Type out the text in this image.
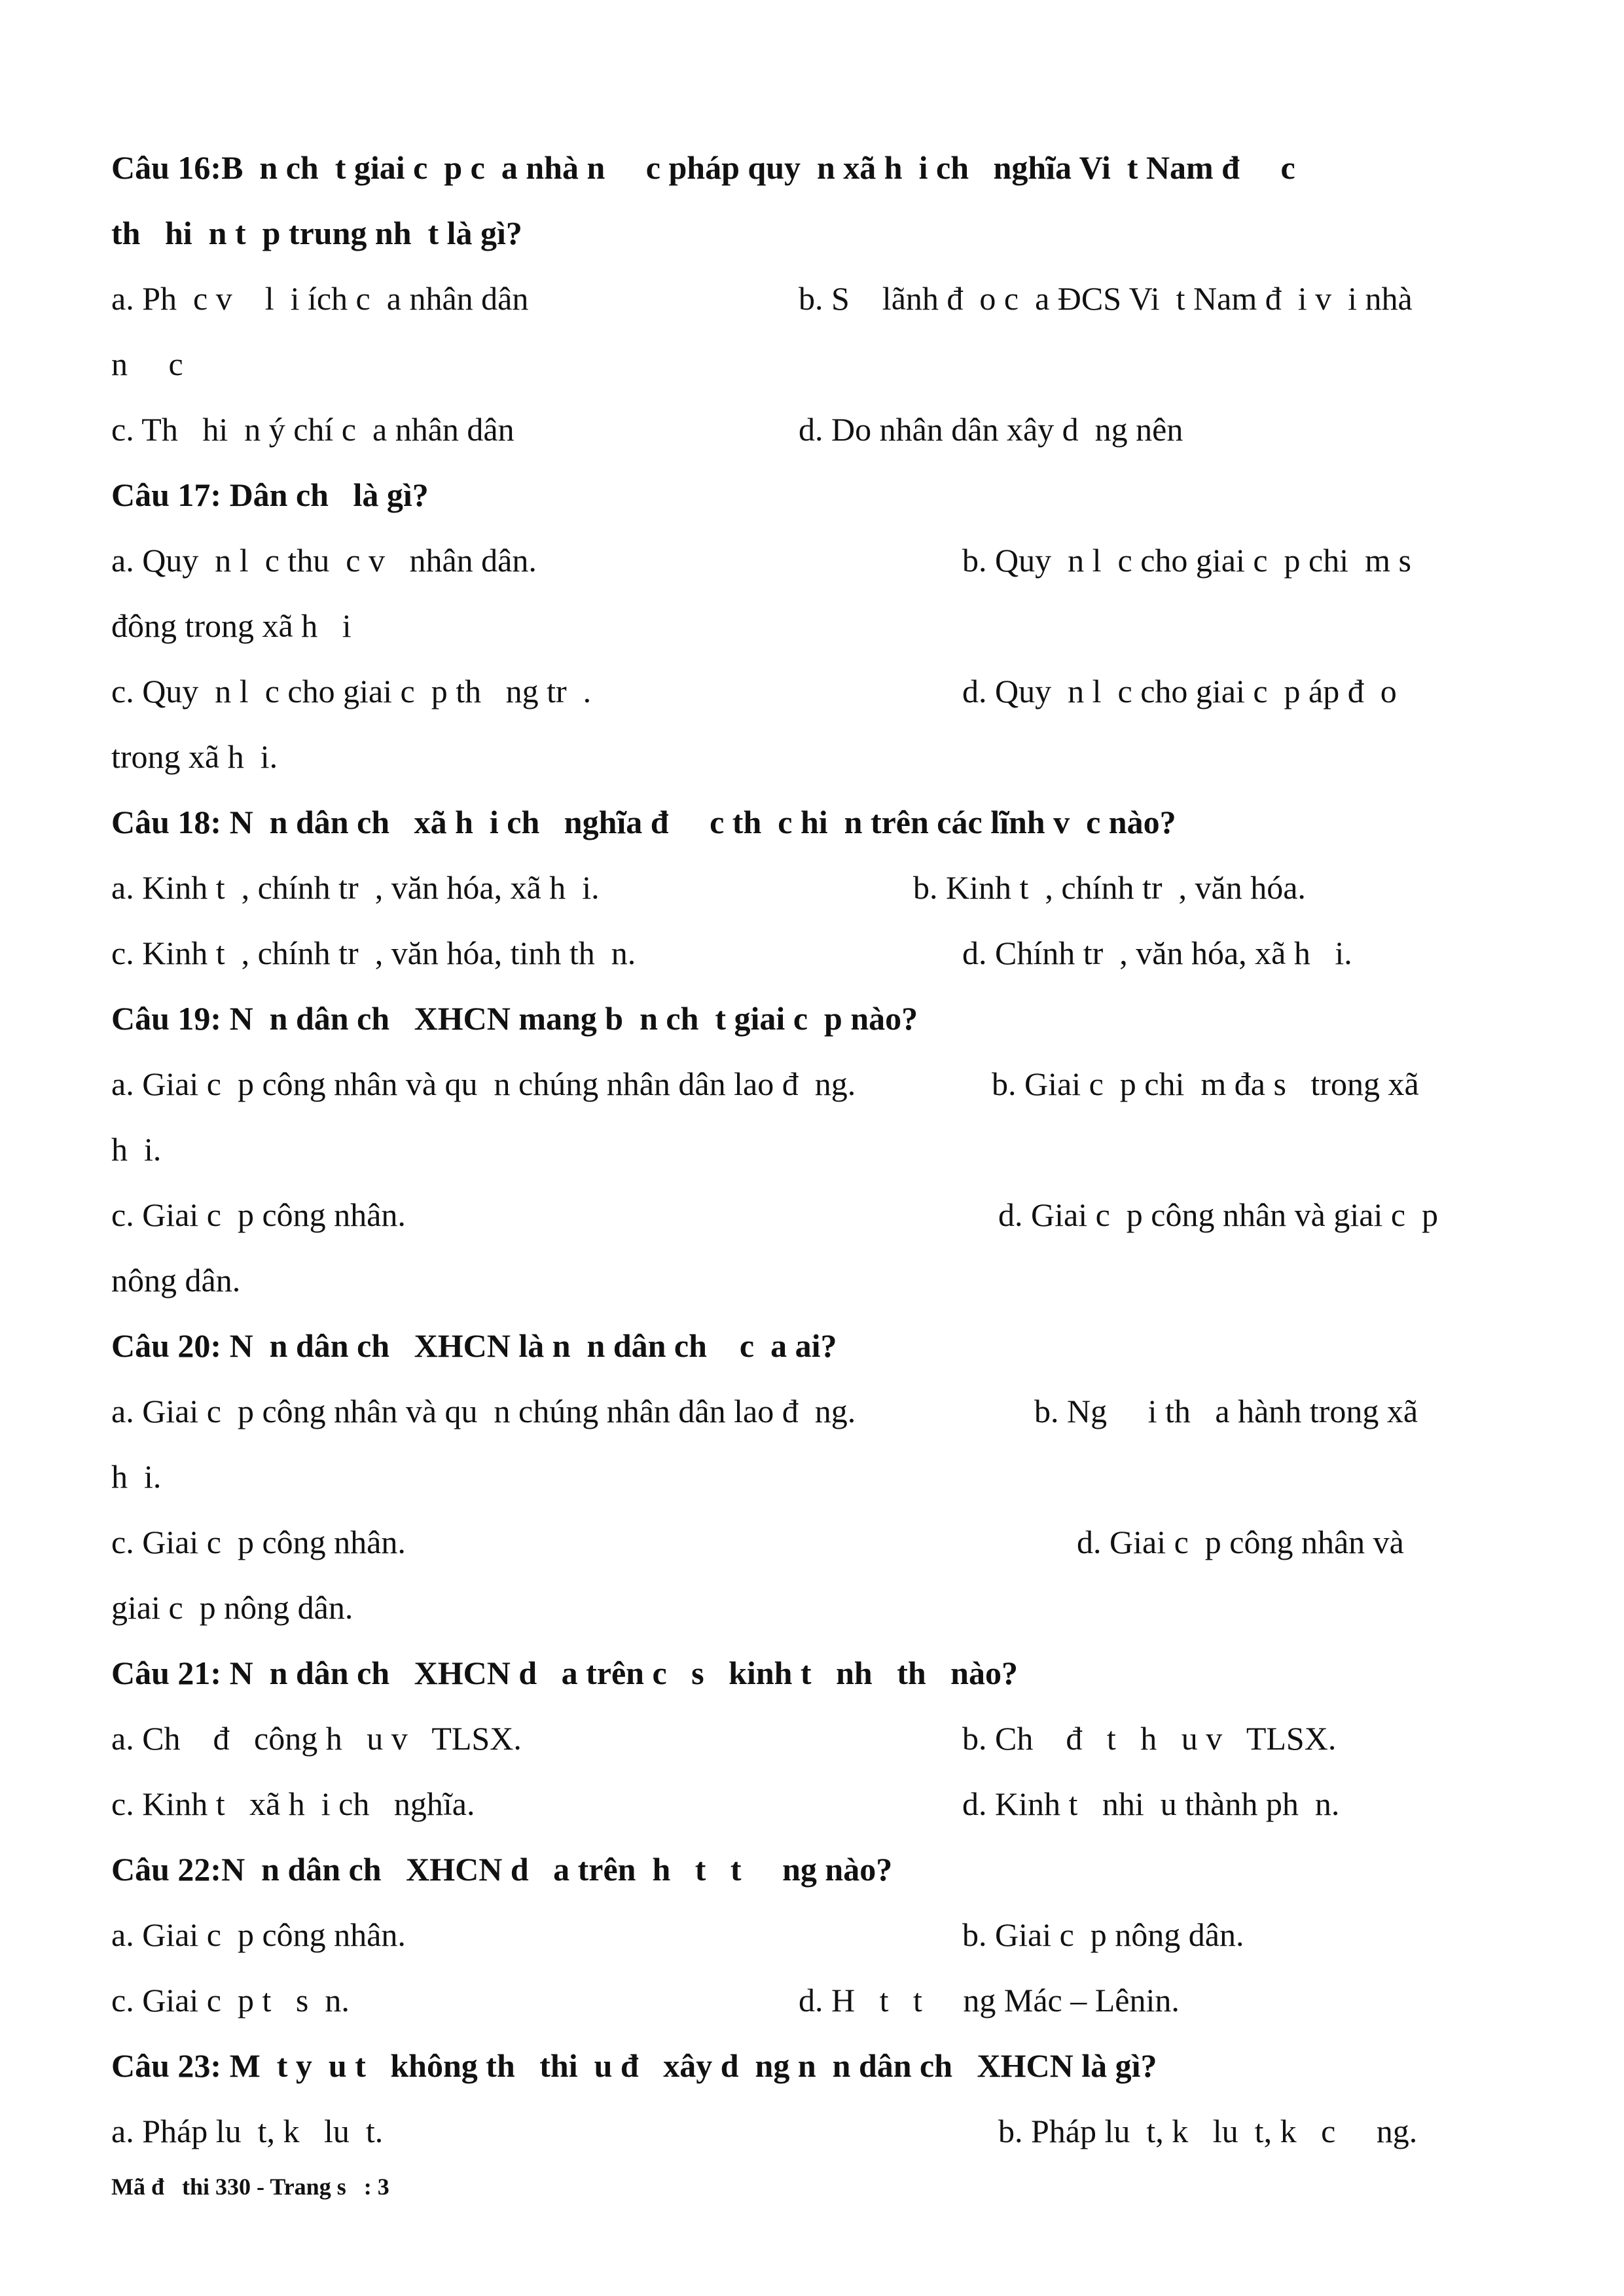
Câu 16:B  n ch  t giai c  p c  a nhà n     c pháp quy  n xã h  i ch   nghĩa Vi  t Nam đ     c
th   hi  n t  p trung nh  t là gì?
a. Ph  c v    l  i ích c  a nhân dân	b. S    lãnh đ  o c  a ĐCS Vi  t Nam đ  i v  i nhà
n     c
c. Th   hi  n ý chí c  a nhân dân	d. Do nhân dân xây d  ng nên
Câu 17: Dân ch   là gì?
a. Quy  n l  c thu  c v   nhân dân.	b. Quy  n l  c cho giai c  p chi  m s
đông trong xã h   i
c. Quy  n l  c cho giai c  p th   ng tr  .	d. Quy  n l  c cho giai c  p áp đ  o
trong xã h  i.
Câu 18: N  n dân ch   xã h  i ch   nghĩa đ     c th  c hi  n trên các lĩnh v  c nào?
a. Kinh t  , chính tr  , văn hóa, xã h  i.	b. Kinh t  , chính tr  , văn hóa.
c. Kinh t  , chính tr  , văn hóa, tinh th  n.	d. Chính tr  , văn hóa, xã h   i.
Câu 19: N  n dân ch   XHCN mang b  n ch  t giai c  p nào?
a. Giai c  p công nhân và qu  n chúng nhân dân lao đ  ng.	b. Giai c  p chi  m đa s   trong xã
h  i.
c. Giai c  p công nhân.	d. Giai c  p công nhân và giai c  p
nông dân.
Câu 20: N  n dân ch   XHCN là n  n dân ch    c  a ai?
a. Giai c  p công nhân và qu  n chúng nhân dân lao đ  ng.	b. Ng     i th   a hành trong xã
h  i.
c. Giai c  p công nhân.	d. Giai c  p công nhân và
giai c  p nông dân.
Câu 21: N  n dân ch   XHCN d   a trên c   s   kinh t   nh   th   nào?
a. Ch    đ   công h   u v   TLSX.	b. Ch    đ   t   h   u v   TLSX.
c. Kinh t   xã h  i ch   nghĩa.	d. Kinh t   nhi  u thành ph  n.
Câu 22:N  n dân ch   XHCN d   a trên  h   t   t     ng nào?
a. Giai c  p công nhân.	b. Giai c  p nông dân.
c. Giai c  p t   s  n.	d. H   t   t     ng Mác – Lênin.
Câu 23: M  t y  u t   không th   thi  u đ   xây d  ng n  n dân ch   XHCN là gì?
a. Pháp lu  t, k   lu  t.	b. Pháp lu  t, k   lu  t, k   c     ng.
Mã đ   thi 330 - Trang s   : 3
